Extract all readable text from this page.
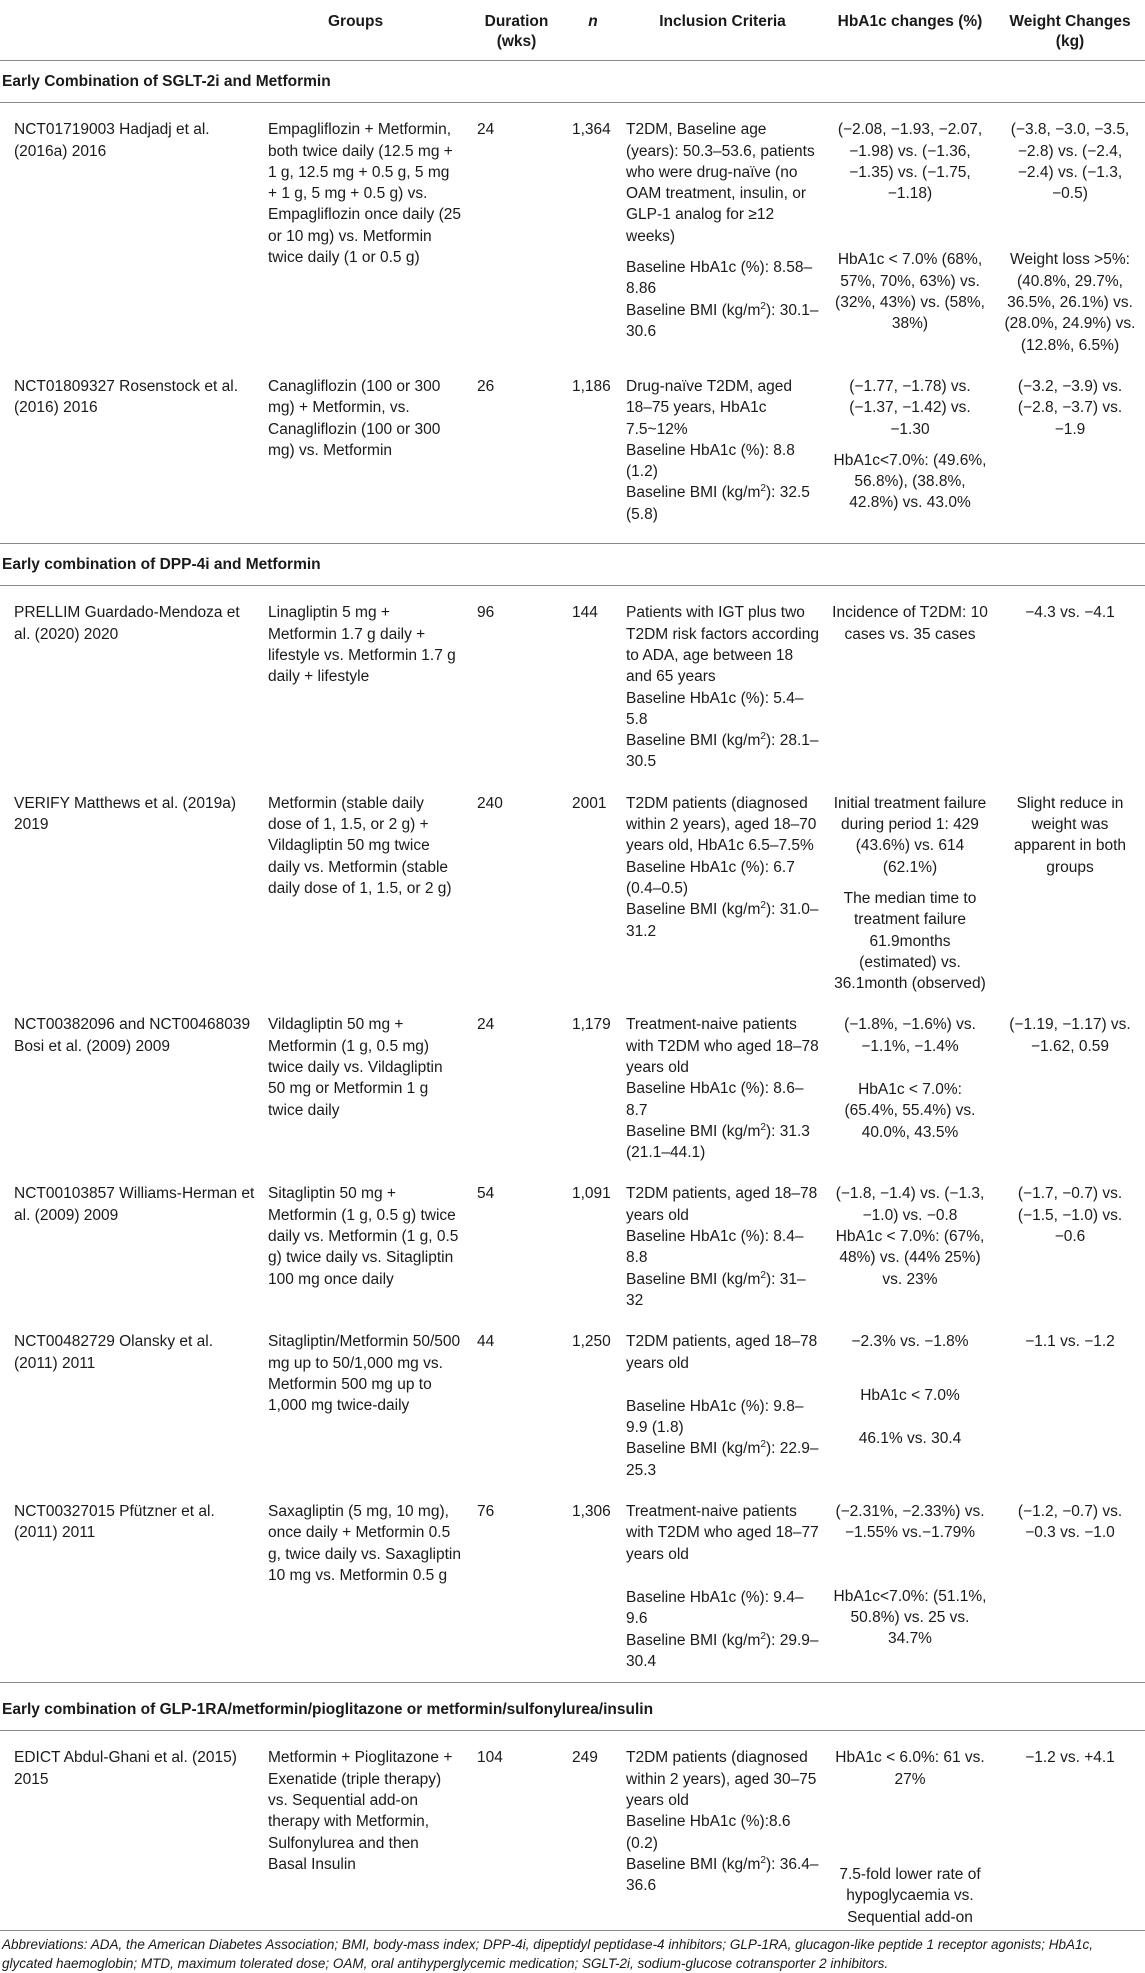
	Groups	Duration (wks)	n	Inclusion Criteria	HbA1c changes (%)	Weight Changes (kg)
Early Combination of SGLT-2i and Metformin						
NCT01719003 Hadjadj et al. (2016a) 2016	Empagliflozin + Metformin, both twice daily (12.5 mg + 1 g, 12.5 mg + 0.5 g, 5 mg + 1 g, 5 mg + 0.5 g) vs. Empagliflozin once daily (25 or 10 mg) vs. Metformin twice daily (1 or 0.5 g)	24	1,364	T2DM, Baseline age (years): 50.3–53.6, patients who were drug-naïve (no OAM treatment, insulin, or GLP-1 analog for ≥12 weeks)
Baseline HbA1c (%): 8.58–8.86
Baseline BMI $(kg/m^2)$: 30.1–30.6	(−2.08, −1.93, −2.07, −1.98) vs. (−1.36, −1.35) vs. (−1.75, −1.18)
HbA1c < 7.0% (68%, 57%, 70%, 63%) vs. (32%, 43%) vs. (58%, 38%)	(−3.8, −3.0, −3.5, −2.8) vs. (−2.4, −2.4) vs. (−1.3, −0.5)
Weight loss >5%: (40.8%, 29.7%, 36.5%, 26.1%) vs. (28.0%, 24.9%) vs. (12.8%, 6.5%)

NCT01809327 Rosenstock et al. (2016) 2016	Canagliflozin (100 or 300 mg) + Metformin, vs. Canagliflozin (100 or 300 mg) vs. Metformin	26	1,186	Drug-naïve T2DM, aged 18–75 years, HbA1c 7.5~12%
Baseline HbA1c (%): 8.8 (1.2)
Baseline BMI $(kg/m^2)$: 32.5 (5.8)	(−1.77, −1.78) vs. (−1.37, −1.42) vs. −1.30
HbA1c<7.0%: (49.6%, 56.8%), (38.8%, 42.8%) vs. 43.0%	(−3.2, −3.9) vs. (−2.8, −3.7) vs. −1.9
Early combination of DPP-4i and Metformin						
PRELLIM Guardado-Mendoza et al. (2020) 2020	Linagliptin 5 mg + Metformin 1.7 g daily + lifestyle vs. Metformin 1.7 g daily + lifestyle	96	144	Patients with IGT plus two T2DM risk factors according to ADA, age between 18 and 65 years
Baseline HbA1c (%): 5.4–5.8
Baseline BMI $(kg/m^2)$: 28.1–30.5	Incidence of T2DM: 10 cases vs. 35 cases	−4.3 vs. −4.1
VERIFY Matthews et al. (2019a) 2019	Metformin (stable daily dose of 1, 1.5, or 2 g) + Vildagliptin 50 mg twice daily vs. Metformin (stable daily dose of 1, 1.5, or 2 g)	240	2001	T2DM patients (diagnosed within 2 years), aged 18–70 years old, HbA1c 6.5–7.5%
Baseline HbA1c (%): 6.7 (0.4–0.5)
Baseline BMI $(kg/m^2)$: 31.0–31.2	Initial treatment failure during period 1: 429 (43.6%) vs. 614 (62.1%)
The median time to treatment failure 61.9months (estimated) vs. 36.1month (observed)	Slight reduce in weight was apparent in both groups
NCT00382096 and NCT00468039 Bosi et al. (2009) 2009	Vildagliptin 50 mg + Metformin (1 g, 0.5 mg) twice daily vs. Vildagliptin 50 mg or Metformin 1 g twice daily	24	1,179	Treatment-naive patients with T2DM who aged 18–78 years old
Baseline HbA1c (%): 8.6–8.7
Baseline BMI $(kg/m^2)$: 31.3 (21.1–44.1)	(−1.8%, −1.6%) vs. −1.1%, −1.4%
HbA1c < 7.0%: (65.4%, 55.4%) vs. 40.0%, 43.5%	(−1.19, −1.17) vs. −1.62, 0.59
NCT00103857 Williams-Herman et al. (2009) 2009	Sitagliptin 50 mg + Metformin (1 g, 0.5 g) twice daily vs. Metformin (1 g, 0.5 g) twice daily vs. Sitagliptin 100 mg once daily	54	1,091	T2DM patients, aged 18–78 years old
Baseline HbA1c (%): 8.4–8.8
Baseline BMI $(kg/m^2)$: 31–32	(−1.8, −1.4) vs. (−1.3, −1.0) vs. −0.8
HbA1c < 7.0%: (67%, 48%) vs. (44% 25%) vs. 23%	(−1.7, −0.7) vs. (−1.5, −1.0) vs. −0.6
NCT00482729 Olansky et al. (2011) 2011	Sitagliptin/Metformin 50/500 mg up to 50/1,000 mg vs. Metformin 500 mg up to 1,000 mg twice-daily	44	1,250	T2DM patients, aged 18–78 years old
Baseline HbA1c (%): 9.8–9.9 (1.8)
Baseline BMI $(kg/m^2)$: 22.9–25.3	−2.3% vs. −1.8%
HbA1c < 7.0%
46.1% vs. 30.4	−1.1 vs. −1.2
NCT00327015 Pfützner et al. (2011) 2011	Saxagliptin (5 mg, 10 mg), once daily + Metformin 0.5 g, twice daily vs. Saxagliptin 10 mg vs. Metformin 0.5 g	76	1,306	Treatment-naive patients with T2DM who aged 18–77 years old
Baseline HbA1c (%): 9.4–9.6
Baseline BMI $(kg/m^2)$: 29.9–30.4	(−2.31%, −2.33%) vs.−1.55% vs.−1.79%
HbA1c<7.0%: (51.1%, 50.8%) vs. 25 vs. 34.7%	(−1.2, −0.7) vs. −0.3 vs. −1.0
Early combination of GLP-1RA/metformin/pioglitazone or metformin/sulfonylurea/insulin						
EDICT Abdul-Ghani et al. (2015) 2015	Metformin + Pioglitazone + Exenatide (triple therapy) vs. Sequential add-on therapy with Metformin, Sulfonylurea and then Basal Insulin	104	249	T2DM patients (diagnosed within 2 years), aged 30–75 years old
Baseline HbA1c (%):8.6 (0.2)
Baseline BMI $(kg/m^2)$: 36.4–36.6	HbA1c < 6.0%: 61 vs. 27%
7.5-fold lower rate of hypoglycaemia vs. Sequential add-on	−1.2 vs. +4.1
Abbreviations: ADA, the American Diabetes Association; BMI, body-mass index; DPP-4i, dipeptidyl peptidase-4 inhibitors; GLP-1RA, glucagon-like peptide 1 receptor agonists; HbA1c, glycated haemoglobin; MTD, maximum tolerated dose; OAM, oral antihyperglycemic medication; SGLT-2i, sodium-glucose cotransporter 2 inhibitors.
